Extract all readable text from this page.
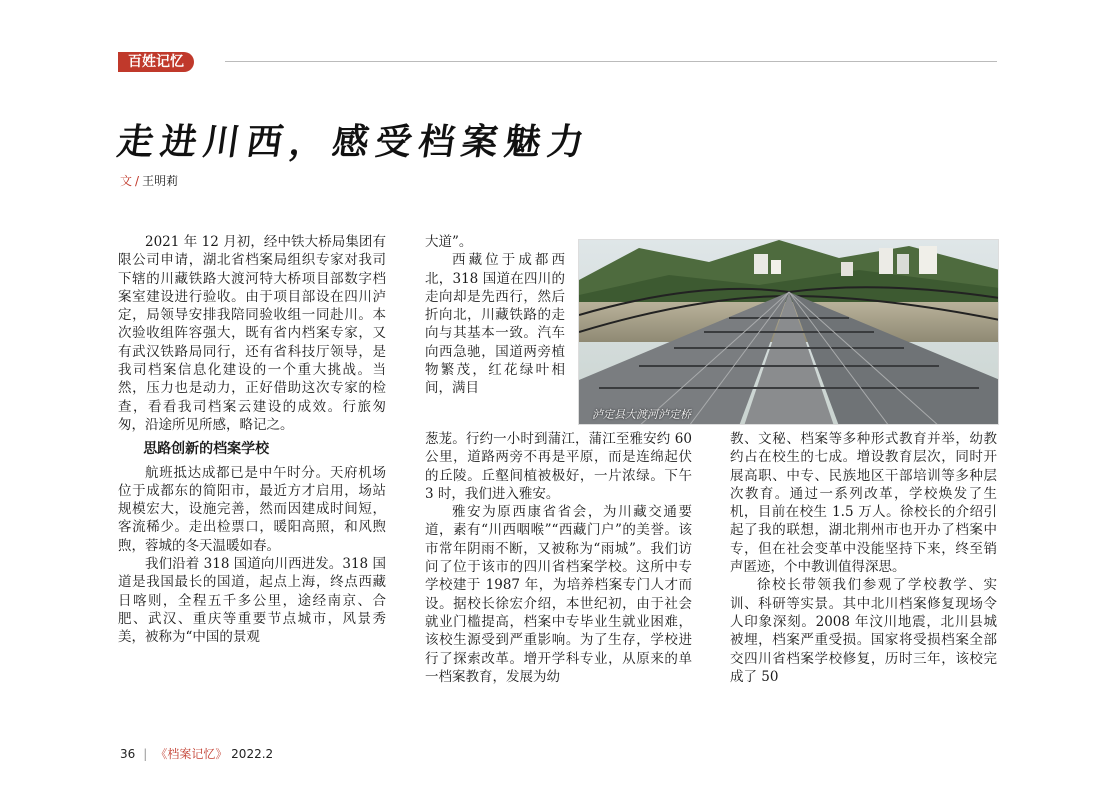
百姓记忆
走进川西，感受档案魅力
文 / 王明莉

2021 年 12 月初，经中铁大桥局集团有限公司申请，湖北省档案局组织专家对我司下辖的川藏铁路大渡河特大桥项目部数字档案室建设进行验收。由于项目部设在四川泸定，局领导安排我陪同验收组一同赴川。本次验收组阵容强大，既有省内档案专家，又有武汉铁路局同行，还有省科技厅领导，是我司档案信息化建设的一个重大挑战。当然，压力也是动力，正好借助这次专家的检查，看看我司档案云建设的成效。行旅匆匆，沿途所见所感，略记之。

思路创新的档案学校

航班抵达成都已是中午时分。天府机场位于成都东的简阳市，最近方才启用，场站规模宏大，设施完善，然而因建成时间短，客流稀少。走出检票口，暖阳高照，和风煦煦，蓉城的冬天温暖如春。

我们沿着 318 国道向川西进发。318 国道是我国最长的国道，起点上海，终点西藏日喀则，全程五千多公里，途经南京、合肥、武汉、重庆等重要节点城市，风景秀美，被称为“中国的景观

大道”。

西藏位于成都西北，318 国道在四川的走向却是先西行，然后折向北，川藏铁路的走向与其基本一致。汽车向西急驰，国道两旁植物繁茂，红花绿叶相间，满目

葱茏。行约一小时到蒲江，蒲江至雅安约 60 公里，道路两旁不再是平原，而是连绵起伏的丘陵。丘壑间植被极好，一片浓绿。下午 3 时，我们进入雅安。

雅安为原西康省省会，为川藏交通要道，素有“川西咽喉”“西藏门户”的美誉。该市常年阴雨不断，又被称为“雨城”。我们访问了位于该市的四川省档案学校。这所中专学校建于 1987 年，为培养档案专门人才而设。据校长徐宏介绍，本世纪初，由于社会就业门槛提高，档案中专毕业生就业困难，该校生源受到严重影响。为了生存，学校进行了探索改革。增开学科专业，从原来的单一档案教育，发展为幼

教、文秘、档案等多种形式教育并举，幼教约占在校生的七成。增设教育层次，同时开展高职、中专、民族地区干部培训等多种层次教育。通过一系列改革，学校焕发了生机，目前在校生 1.5 万人。徐校长的介绍引起了我的联想，湖北荆州市也开办了档案中专，但在社会变革中没能坚持下来，终至销声匿迹，个中教训值得深思。

徐校长带领我们参观了学校教学、实训、科研等实景。其中北川档案修复现场令人印象深刻。2008 年汶川地震，北川县城被埋，档案严重受损。国家将受损档案全部交四川省档案学校修复，历时三年，该校完成了 50

泸定县大渡河泸定桥
36 | 《档案记忆》 2022.2
